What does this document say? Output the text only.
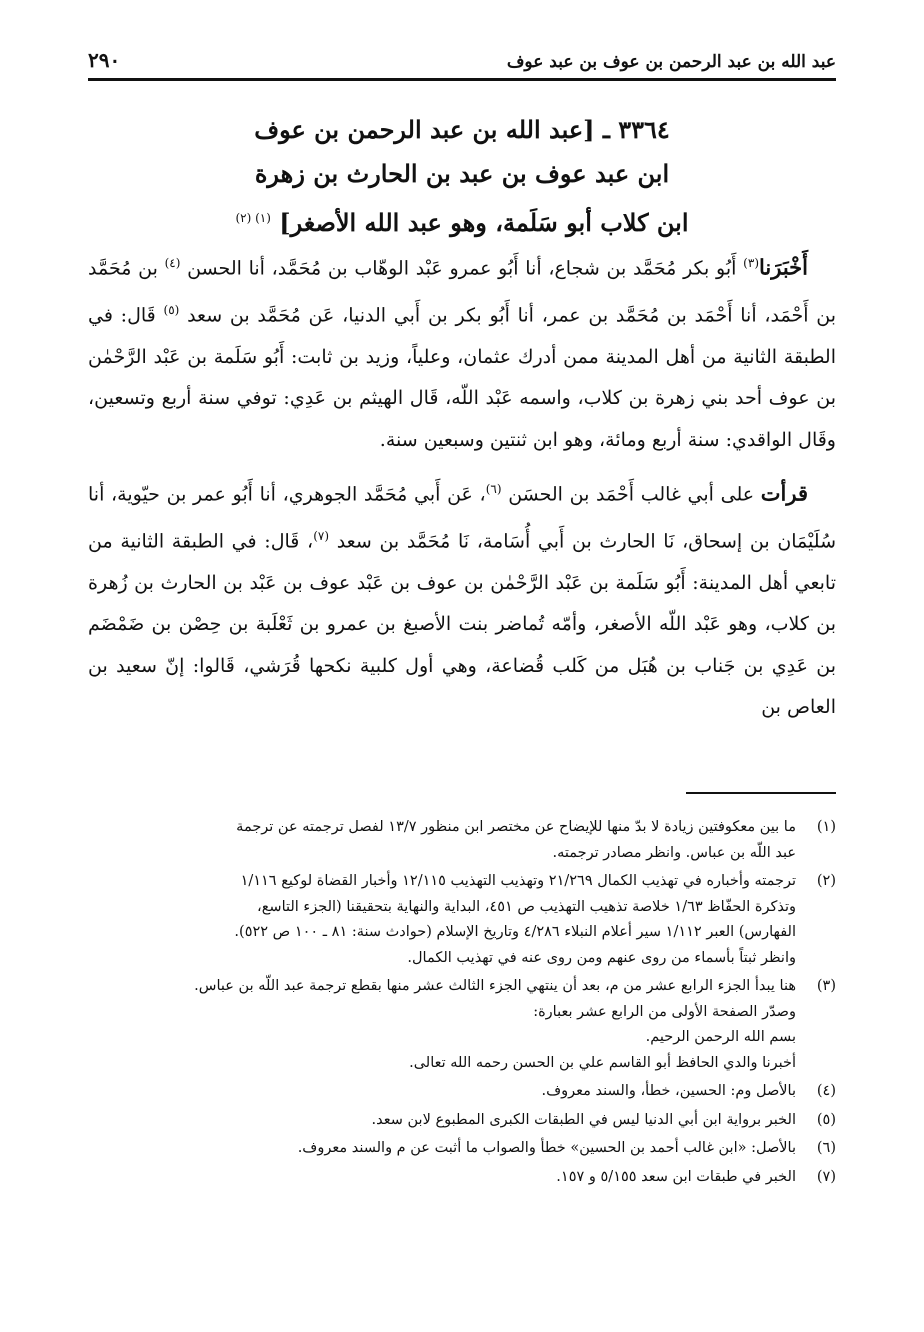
عبد الله بن عبد الرحمن بن عوف بن عبد عوف
٢٩٠
٣٣٦٤ ـ [عبد الله بن عبد الرحمن بن عوف
ابن عبد عوف بن عبد بن الحارث بن زهرة
ابن كلاب أبو سَلَمة، وهو عبد الله الأصغر] $^{(١) (٢)}$

أَخْبَرَنا$^{(٣)}$ أَبُو بكر مُحَمَّد بن شجاع، أنا أَبُو عمرو عَبْد الوهّاب بن مُحَمَّد، أنا الحسن $^{(٤)}$ بن مُحَمَّد بن أَحْمَد، أنا أَحْمَد بن مُحَمَّد بن عمر، أنا أَبُو بكر بن أَبي الدنيا، عَن مُحَمَّد بن سعد $^{(٥)}$ قَال: في الطبقة الثانية من أهل المدينة ممن أدرك عثمان، وعلياً، وزيد بن ثابت: أَبُو سَلَمة بن عَبْد الرَّحْمٰن بن عوف أحد بني زهرة بن كلاب، واسمه عَبْد اللّه، قَال الهيثم بن عَدِي: توفي سنة أربع وتسعين، وقَال الواقدي: سنة أربع ومائة، وهو ابن ثنتين وسبعين سنة.

قرأت على أبي غالب أَحْمَد بن الحسَن $^{(٦)}$، عَن أَبي مُحَمَّد الجوهري، أنا أَبُو عمر بن حيّوية، أنا سُلَيْمَان بن إسحاق، نَا الحارث بن أَبي أُسَامة، نَا مُحَمَّد بن سعد $^{(٧)}$، قَال: في الطبقة الثانية من تابعي أهل المدينة: أَبُو سَلَمة بن عَبْد الرَّحْمٰن بن عوف بن عَبْد عوف بن عَبْد بن الحارث بن زُهرة بن كلاب، وهو عَبْد اللّه الأصغر، وأمّه تُماضر بنت الأصبغ بن عمرو بن ثَعْلَبة بن حِصْن بن ضَمْضَم بن عَدِي بن جَناب بن هُبَل من كَلب قُضاعة، وهي أول كلبية نكحها قُرَشي، قَالوا: إنّ سعيد بن العاص بن

(١)
ما بين معكوفتين زيادة لا بدّ منها للإيضاح عن مختصر ابن منظور ١٣/٧ لفصل ترجمته عن ترجمة
عبد اللّه بن عباس. وانظر مصادر ترجمته.
(٢)
ترجمته وأخباره في تهذيب الكمال ٢١/٢٦٩ وتهذيب التهذيب ١٢/١١٥ وأخبار القضاة لوكيع ١/١١٦
وتذكرة الحفّاظ ١/٦٣ خلاصة تذهيب التهذيب ص ٤٥١، البداية والنهاية بتحقيقنا (الجزء التاسع،
الفهارس) العبر ١/١١٢ سير أعلام النبلاء ٤/٢٨٦ وتاريخ الإسلام (حوادث سنة: ٨١ ـ ١٠٠ ص ٥٢٢).
وانظر ثبتاً بأسماء من روى عنهم ومن روى عنه في تهذيب الكمال.
(٣)
هنا يبدأ الجزء الرابع عشر من م، بعد أن ينتهي الجزء الثالث عشر منها بقطع ترجمة عبد اللّه بن عباس.
وصدّر الصفحة الأولى من الرابع عشر بعبارة:
بسم الله الرحمن الرحيم.
أخبرنا والدي الحافظ أبو القاسم علي بن الحسن رحمه الله تعالى.
(٤)
بالأصل وم: الحسين، خطأ، والسند معروف.
(٥)
الخبر برواية ابن أبي الدنيا ليس في الطبقات الكبرى المطبوع لابن سعد.
(٦)
بالأصل: «ابن غالب أحمد بن الحسين» خطأ والصواب ما أثبت عن م والسند معروف.
(٧)
الخبر في طبقات ابن سعد ٥/١٥٥ و ١٥٧.
